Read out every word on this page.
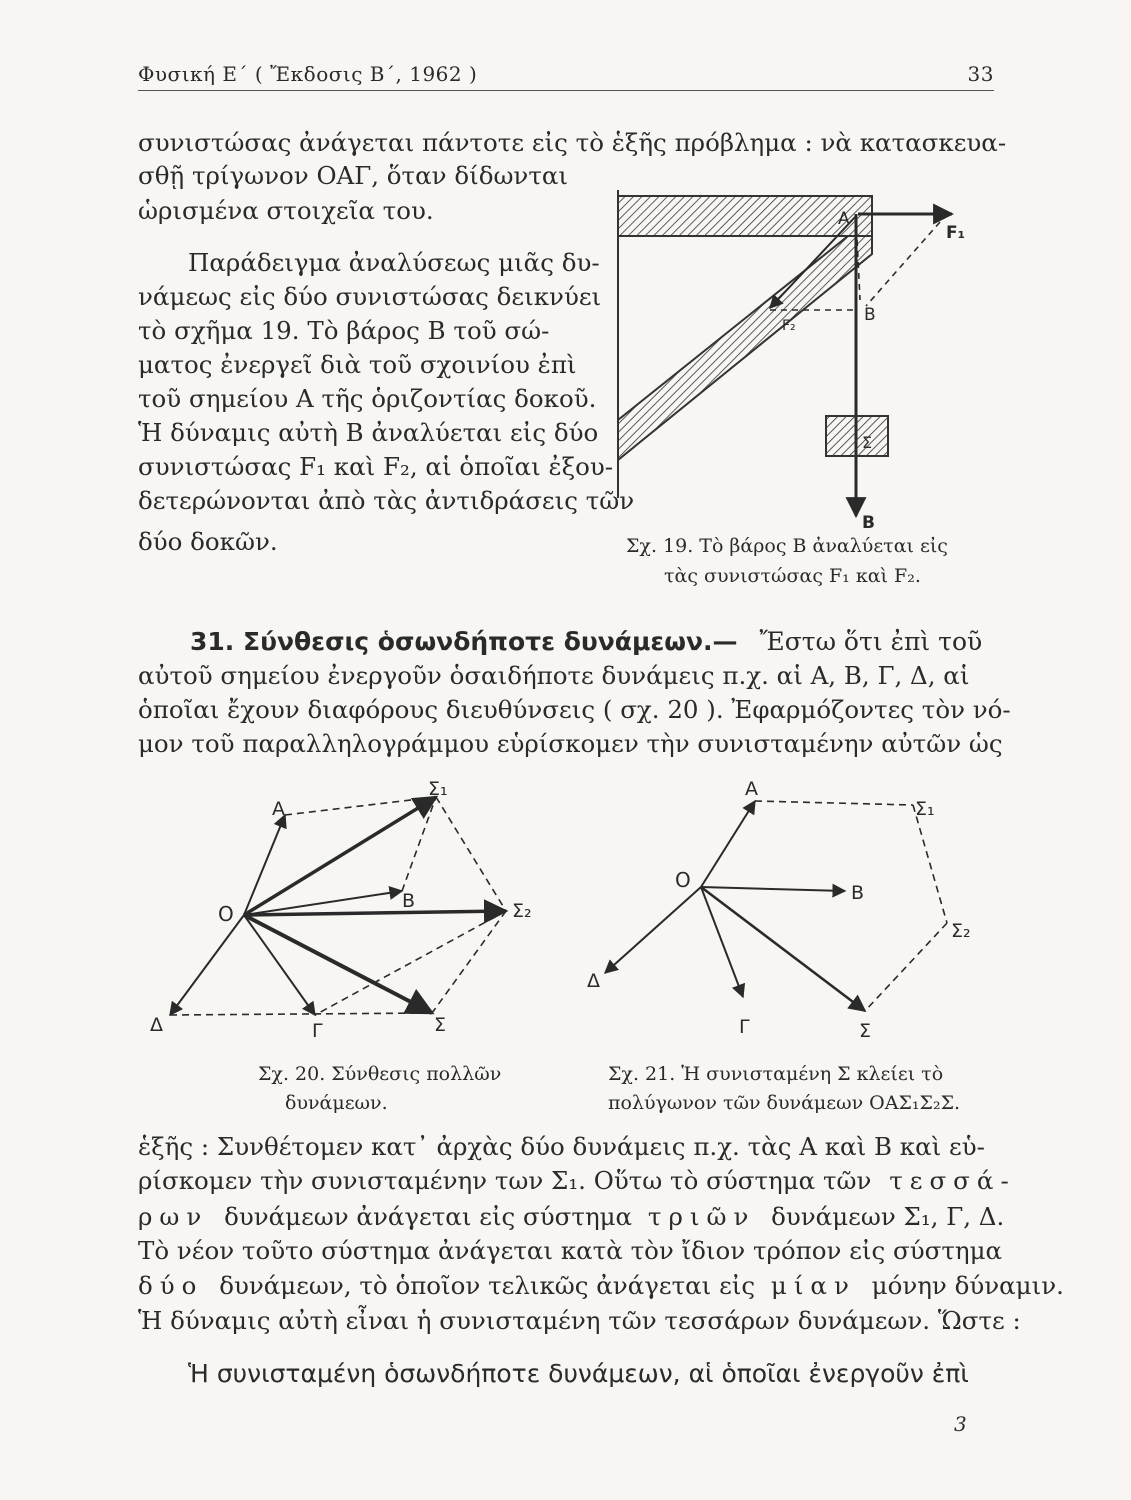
Φυσική Ε΄ ( Ἔκδοσις Β΄, 1962 )	33
συνιστώσας ἀνάγεται πάντοτε εἰς τὸ ἑξῆς πρόβλημα : νὰ κατασκευα-
σθῇ τρίγωνον ΟΑΓ, ὅταν δίδωνται
ὡρισμένα στοιχεῖα του.
Παράδειγμα ἀναλύσεως μιᾶς δυ-
νάμεως εἰς δύο συνιστώσας δεικνύει
τὸ σχῆμα 19. Τὸ βάρος Β τοῦ σώ-
ματος ἐνεργεῖ διὰ τοῦ σχοινίου ἐπὶ
τοῦ σημείου Α τῆς ὁριζοντίας δοκοῦ.
Ἡ δύναμις αὐτὴ Β ἀναλύεται εἰς δύο
συνιστώσας F₁ καὶ F₂, αἱ ὁποῖαι ἐξου-
δετερώνονται ἀπὸ τὰς ἀντιδράσεις τῶν
δύο δοκῶν.
A
F₁
F₂
B
Σ
B
Σχ. 19. Τὸ βάρος Β ἀναλύεται εἰς
τὰς συνιστώσας F₁ καὶ F₂.
31. Σύνθεσις ὁσωνδήποτε δυνάμεων.— Ἔστω ὅτι ἐπὶ τοῦ
αὐτοῦ σημείου ἐνεργοῦν ὁσαιδήποτε δυνάμεις π.χ. αἱ Α, Β, Γ, Δ, αἱ
ὁποῖαι ἔχουν διαφόρους διευθύνσεις ( σχ. 20 ). Ἐφαρμόζοντες τὸν νό-
μον τοῦ παραλληλογράμμου εὑρίσκομεν τὴν συνισταμένην αὐτῶν ὡς
O
A
B
Γ
Δ	Σ
Σ₁
Σ₂
Σχ. 20. Σύνθεσις πολλῶν
δυνάμεων.
O
A
B
Γ
Δ
Σ
Σ₁
Σ₂
Σχ. 21. Ἡ συνισταμένη Σ κλείει τὸ
πολύγωνον τῶν δυνάμεων ΟΑΣ₁Σ₂Σ.
ἑξῆς : Συνθέτομεν κατ᾽ ἀρχὰς δύο δυνάμεις π.χ. τὰς Α καὶ Β καὶ εὑ-
ρίσκομεν τὴν συνισταμένην των Σ₁. Οὕτω τὸ σύστημα τῶν τεσσά-
ρων δυνάμεων ἀνάγεται εἰς σύστημα τριῶν δυνάμεων Σ₁, Γ, Δ.
Τὸ νέον τοῦτο σύστημα ἀνάγεται κατὰ τὸν ἴδιον τρόπον εἰς σύστημα
δύο δυνάμεων, τὸ ὁποῖον τελικῶς ἀνάγεται εἰς μίαν μόνην δύναμιν.
Ἡ δύναμις αὐτὴ εἶναι ἡ συνισταμένη τῶν τεσσάρων δυνάμεων. Ὥστε :
Ἡ συνισταμένη ὁσωνδήποτε δυνάμεων, αἱ ὁποῖαι ἐνεργοῦν ἐπὶ
3
